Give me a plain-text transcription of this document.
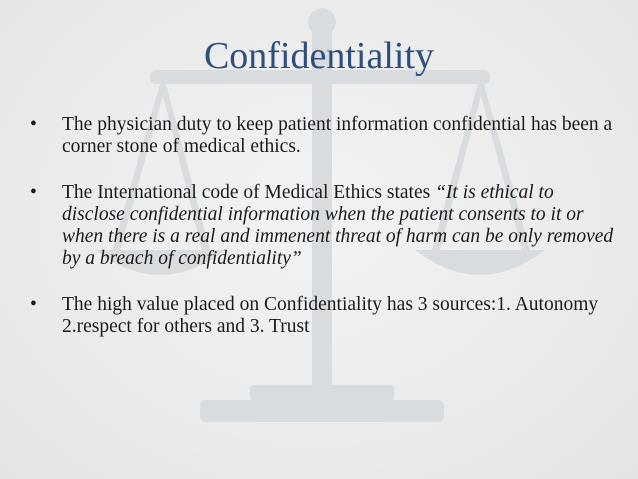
Confidentiality
• The physician duty to keep patient information confidential has been a corner stone of medical ethics.
• The International code of Medical Ethics states “It is ethical to disclose confidential information when the patient consents to it or when there is a real and immenent threat of harm can be only removed by a breach of confidentiality”
• The high value placed on Confidentiality has 3 sources:1. Autonomy 2.respect for others and 3. Trust
